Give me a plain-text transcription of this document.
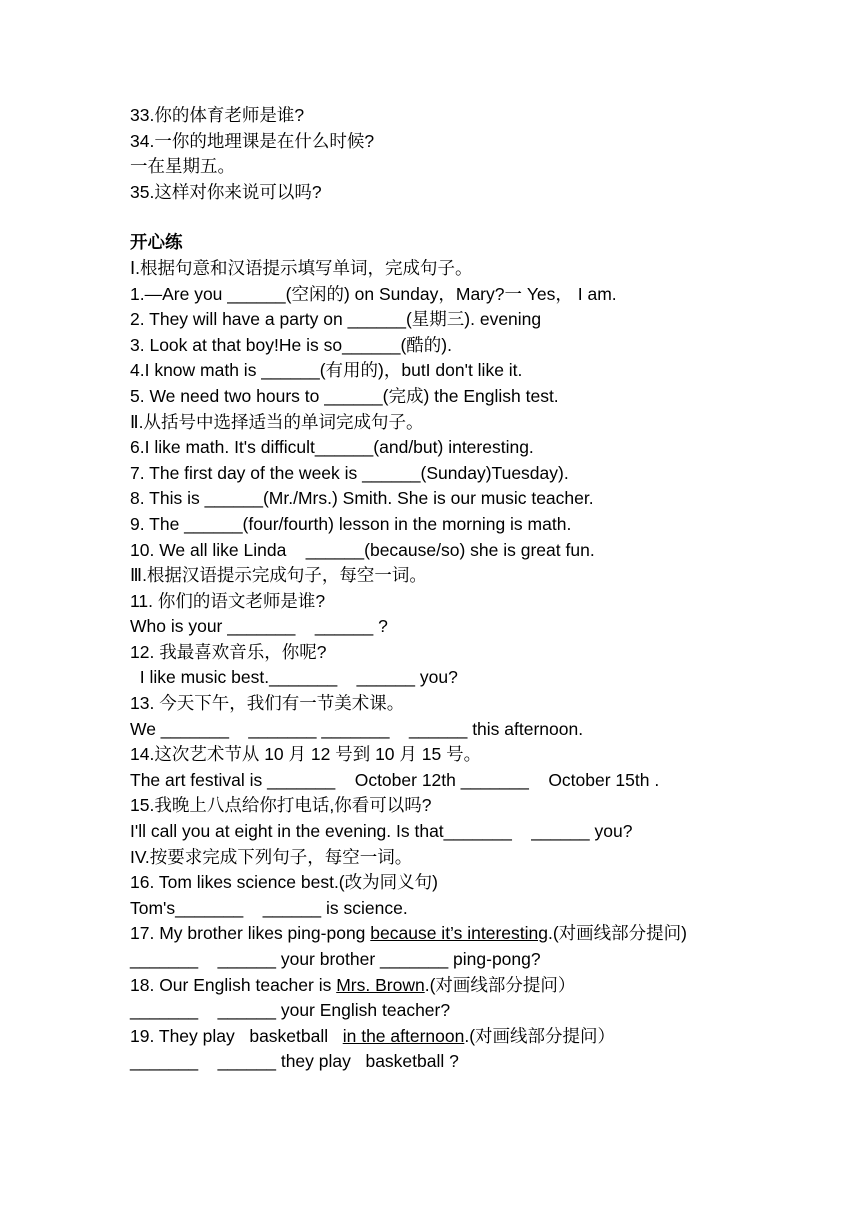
33.你的体育老师是谁?
34.一你的地理课是在什么时候?
一在星期五。
35.这样对你来说可以吗?
开心练
Ⅰ.根据句意和汉语提示填写单词，完成句子。
1.—Are you ______(空闲的) on Sunday，Mary?一 Yes， I am.
2. They will have a party on ______(星期三). evening
3. Look at that boy!He is so______(酷的).
4.I know math is ______(有用的)，butI don't like it.
5. We need two hours to ______(完成) the English test.
Ⅱ.从括号中选择适当的单词完成句子。
6.I like math. It's difficult______(and/but) interesting.
7. The first day of the week is ______(Sunday)Tuesday).
8. This is ______(Mr./Mrs.) Smith. She is our music teacher.
9. The ______(four/fourth) lesson in the morning is math.
10. We all like Linda    ______(because/so) she is great fun.
Ⅲ.根据汉语提示完成句子，每空一词。
11. 你们的语文老师是谁?
Who is your _______    ______ ?
12. 我最喜欢音乐，你呢?
I like music best._______    ______ you?
13. 今天下午，我们有一节美术课。
We _______    _______ _______    ______ this afternoon.
14.这次艺术节从 10 月 12 号到 10 月 15 号。
The art festival is _______    October 12th _______    October 15th .
15.我晚上八点给你打电话,你看可以吗?
I'll call you at eight in the evening. Is that_______    ______ you?
IV.按要求完成下列句子，每空一词。
16. Tom likes science best.(改为同义句)
Tom's_______    ______ is science.
17. My brother likes ping-pong because it’s interesting.(对画线部分提问)
_______    ______ your brother _______ ping-pong?
18. Our English teacher is Mrs. Brown.(对画线部分提问）
_______    ______ your English teacher?
19. They play   basketball   in the afternoon.(对画线部分提问）
_______    ______ they play   basketball ?
